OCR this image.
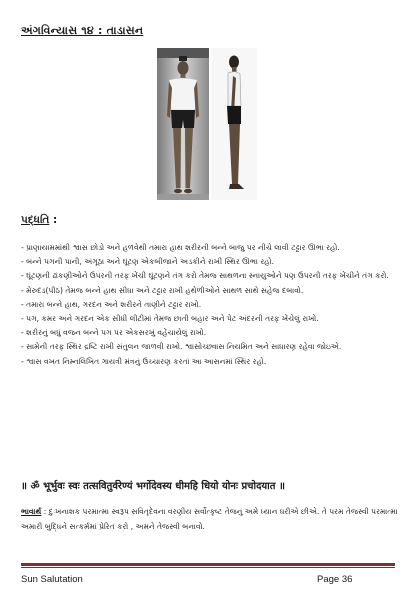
અંગવિન્યાસ ૧૪ : તાડાસન
પદ્ધતિ :
- પ્રાણાયામમાંથી શ્વાસ છોડો અને હળવેથી તમારા હાથ શરીરની બન્ને બાજુ પર નીચે લાવી ટટ્ટાર ઊભા રહો.
- બન્ને પગની પાની, અંગૂઠા અને ઘૂંટણ એકબીજાને અડકીને રાખી સ્થિર ઊભા રહો.
- ઘૂંટણની ઢાંકણીઓને ઉપરની તરફ ખેંચી ઘૂંટણને તંગ કરો તેમજ સાથળના સ્નાયુઓને પણ ઉપરની તરફ ખેંચીને તંગ કરો.
- મેરુદંડ(પીઠ) તેમજ બન્ને હાથ સીધા અને ટટ્ટાર રાખી હથેળીઓને સાથળ સાથે સહેજ દબાવો.
- તમારા બન્ને હાથ, ગરદન અને શરીરને તાણીને ટટ્ટાર રાખો.
- પગ, કમર અને ગરદન એક સીધી લીટીમાં તેમજ છાતી બહાર અને પેટ અંદરની તરફ ખેંચેલું રાખો.
- શરીરનું બધું વજન બન્ને પગ પર એકસરખું વહેંચાયેલું રાખો.
- સામેની તરફ સ્થિર દ્રષ્ટિ રાખી સંતુલન જાળવી રાખો. શ્વાસોચ્છ્વાસ નિયમિત અને સાધારણ રહેવા જોઇએ.
- શ્વાસ વખત નિમ્નલિખિત ગાયત્રી મંત્રનું ઉચ્ચારણ કરતાં આ આસનમાં સ્થિર રહો.
॥ ॐ भूर्भुवः स्वः तत्सवितुर्वरेण्यं भर्गोदेवस्य धीमहि धियो योनः प्रचोदयात ॥
ભાવાર્થ : દુઃખનાશક પરમાત્મા સ્વરૂપ સવિતૃદેવના વરણીય સર્વોત્કૃષ્ટ તેજનું અમે ધ્યાન ધરીએ છીએ. તે પરમ તેજસ્વી પરમાત્મા અમારી બુદ્ધિને સત્કર્મમાં પ્રેરિત કરો , અમને તેજસ્વી બનાવો.
Sun Salutation	Page 36
